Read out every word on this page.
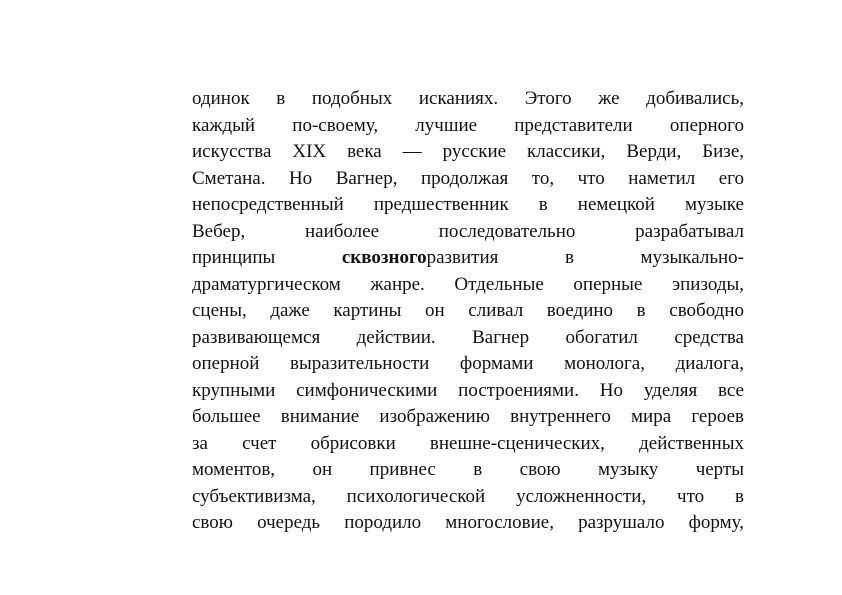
одинок в подобных исканиях. Этого же добивались,
каждый по-своему, лучшие представители оперного
искусства XIX века — русские классики, Верди, Бизе,
Сметана. Но Вагнер, продолжая то, что наметил его
непосредственный предшественник в немецкой музыке
Вебер, наиболее последовательно разрабатывал
принципы сквозногоразвития в музыкально-
драматургическом жанре. Отдельные оперные эпизоды,
сцены, даже картины он сливал воедино в свободно
развивающемся действии. Вагнер обогатил средства
оперной выразительности формами монолога, диалога,
крупными симфоническими построениями. Но уделяя все
большее внимание изображению внутреннего мира героев
за счет обрисовки внешне-сценических, действенных
моментов, он привнес в свою музыку черты
субъективизма, психологической усложненности, что в
свою очередь породило многословие, разрушало форму,
